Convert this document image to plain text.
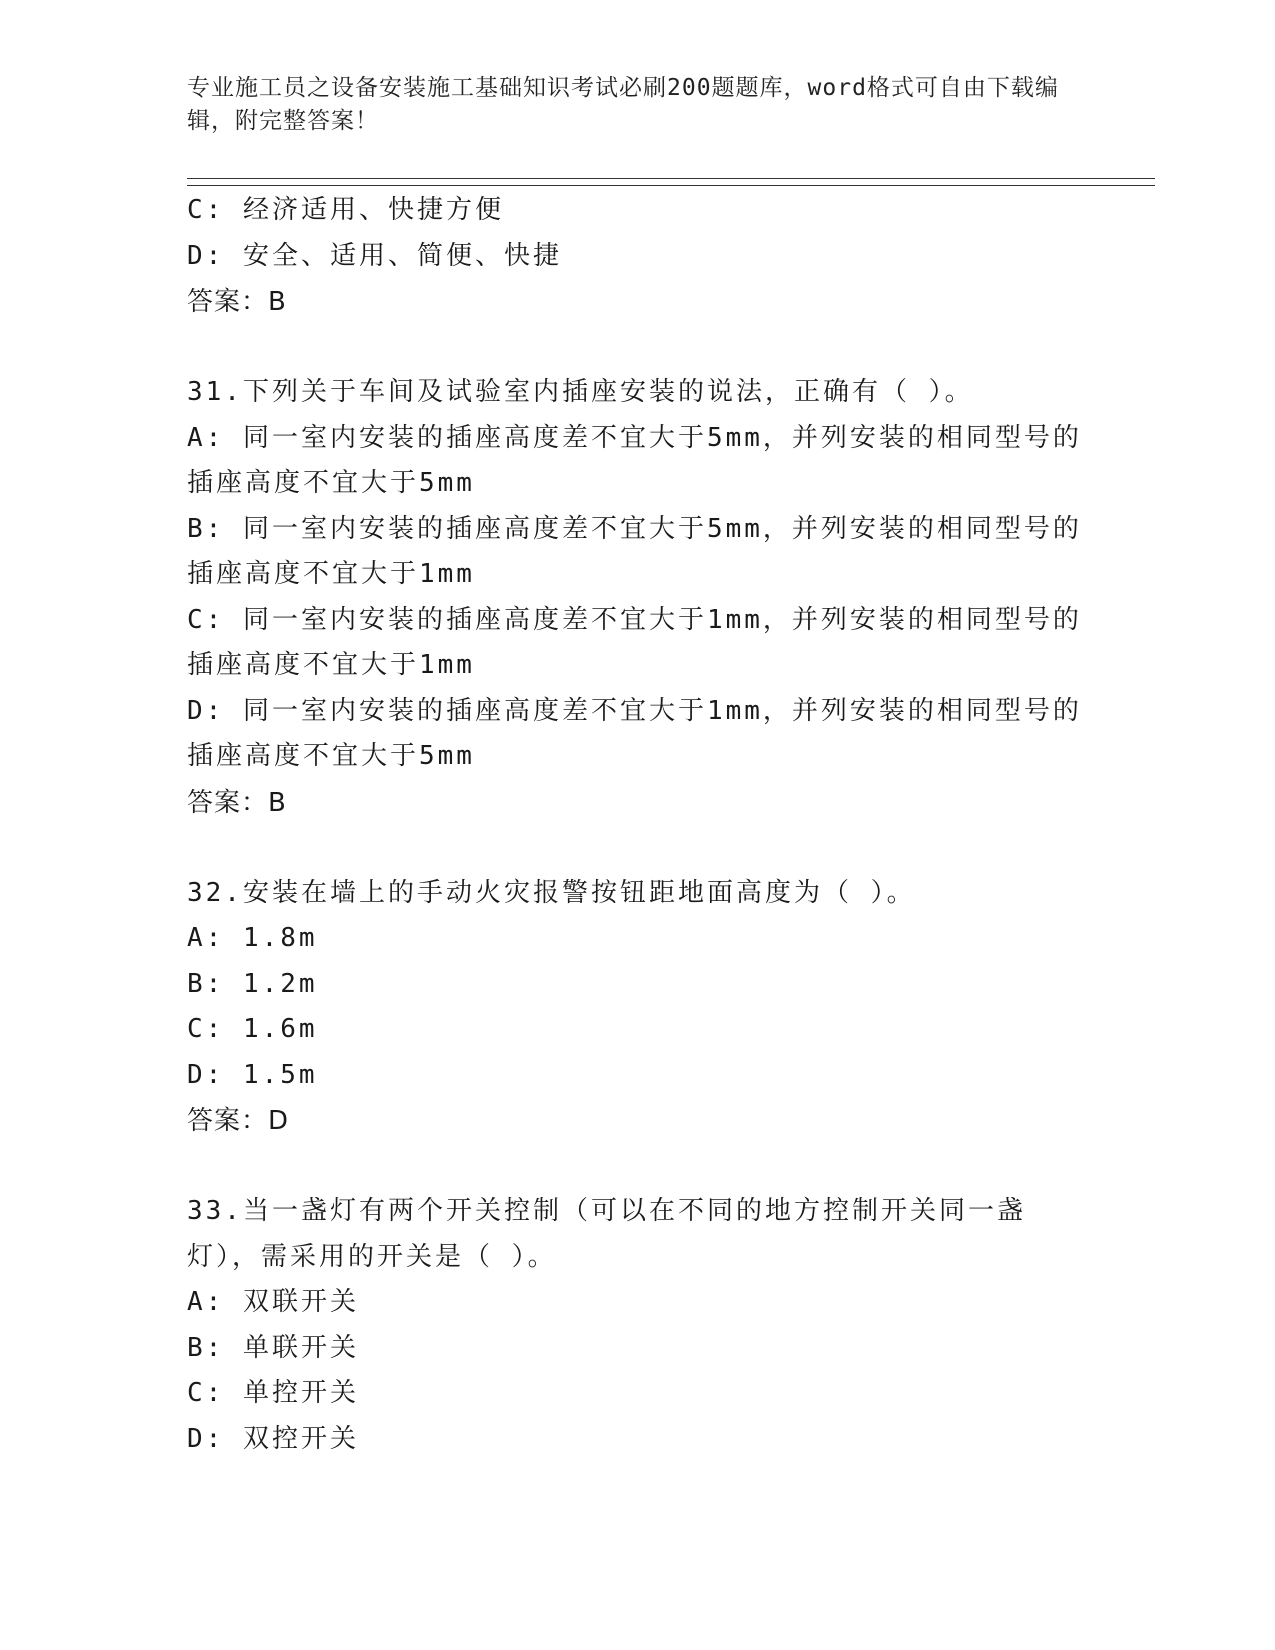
专业施工员之设备安装施工基础知识考试必刷200题题库，word格式可自由下载编辑，附完整答案！
C: 经济适用、快捷方便
D: 安全、适用、简便、快捷
答案：B
31.下列关于车间及试验室内插座安装的说法，正确有（ ）。
A: 同一室内安装的插座高度差不宜大于5mm，并列安装的相同型号的插座高度不宜大于5mm
B: 同一室内安装的插座高度差不宜大于5mm，并列安装的相同型号的插座高度不宜大于1mm
C: 同一室内安装的插座高度差不宜大于1mm，并列安装的相同型号的插座高度不宜大于1mm
D: 同一室内安装的插座高度差不宜大于1mm，并列安装的相同型号的插座高度不宜大于5mm
答案：B
32.安装在墙上的手动火灾报警按钮距地面高度为（ ）。
A: 1.8m
B: 1.2m
C: 1.6m
D: 1.5m
答案：D
33.当一盏灯有两个开关控制（可以在不同的地方控制开关同一盏灯），需采用的开关是（ ）。
A: 双联开关
B: 单联开关
C: 单控开关
D: 双控开关
